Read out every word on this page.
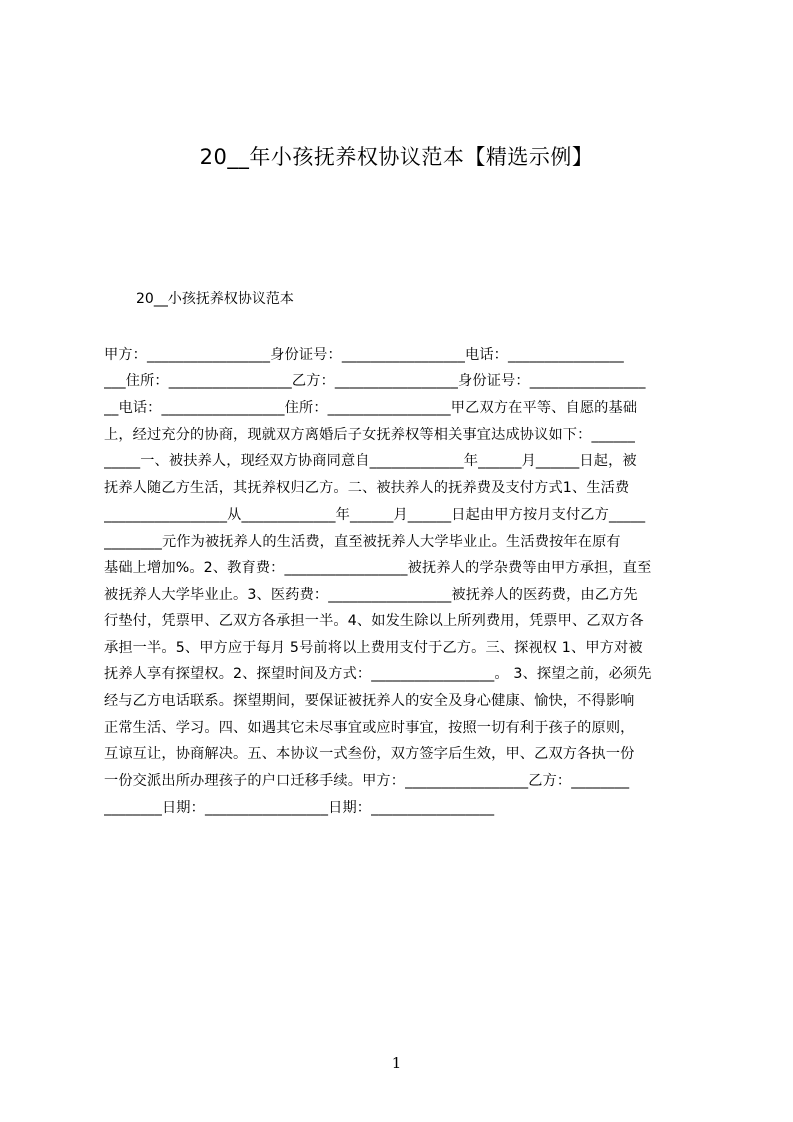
20__年小孩抚养权协议范本【精选示例】
20__小孩抚养权协议范本
甲方：_________________身份证号：_________________电话：________________
___住所：_________________乙方：_________________身份证号：________________
__电话：_________________住所：_________________甲乙双方在平等、自愿的基础
上，经过充分的协商，现就双方离婚后子女抚养权等相关事宜达成协议如下：______
_____一、被扶养人，现经双方协商同意自_____________年______月______日起，被
抚养人随乙方生活，其抚养权归乙方。二、被扶养人的抚养费及支付方式1、生活费
_________________从_____________年______月______日起由甲方按月支付乙方_____
________元作为被抚养人的生活费，直至被抚养人大学毕业止。生活费按年在原有
基础上增加%。2、教育费：_________________被抚养人的学杂费等由甲方承担，直至
被抚养人大学毕业止。3、医药费：_________________被抚养人的医药费，由乙方先
行垫付，凭票甲、乙双方各承担一半。4、如发生除以上所列费用，凭票甲、乙双方各
承担一半。5、甲方应于每月 5号前将以上费用支付于乙方。三、探视权 1、甲方对被
抚养人享有探望权。2、探望时间及方式：_________________。 3、探望之前，必须先
经与乙方电话联系。探望期间，要保证被抚养人的安全及身心健康、愉快，不得影响
正常生活、学习。四、如遇其它未尽事宜或应时事宜，按照一切有利于孩子的原则，
互谅互让，协商解决。五、本协议一式叁份，双方签字后生效，甲、乙双方各执一份
一份交派出所办理孩子的户口迁移手续。甲方：_________________乙方：________
________日期：_________________日期：_________________
1
